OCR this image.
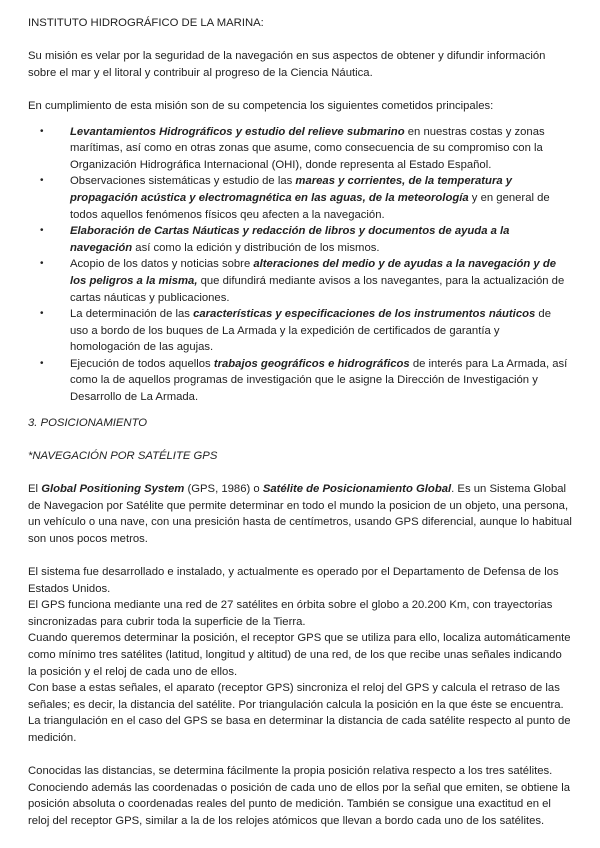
INSTITUTO HIDROGRÁFICO DE LA MARINA:

Su misión es velar por la seguridad de la navegación en sus aspectos de obtener y difundir información sobre el mar y el litoral y contribuir al progreso de la Ciencia Náutica.

En cumplimiento de esta misión son de su competencia los siguientes cometidos principales:

• Levantamientos Hidrográficos y estudio del relieve submarino en nuestras costas y zonas marítimas, así como en otras zonas que asume, como consecuencia de su compromiso con la Organización Hidrográfica Internacional (OHI), donde representa al Estado Español.
• Observaciones sistemáticas y estudio de las mareas y corrientes, de la temperatura y propagación acústica y electromagnética en las aguas, de la meteorología y en general de todos aquellos fenómenos físicos qeu afecten a la navegación.
• Elaboración de Cartas Náuticas y redacción de libros y documentos de ayuda a la navegación así como la edición y distribución de los mismos.
• Acopio de los datos y noticias sobre alteraciones del medio y de ayudas a la navegación y de los peligros a la misma, que difundirá mediante avisos a los navegantes, para la actualización de cartas náuticas y publicaciones.
• La determinación de las características y especificaciones de los instrumentos náuticos de uso a bordo de los buques de La Armada y la expedición de certificados de garantía y homologación de las agujas.
• Ejecución de todos aquellos trabajos geográficos e hidrográficos de interés para La Armada, así como la de aquellos programas de investigación que le asigne la Dirección de Investigación y Desarrollo de La Armada.

3. POSICIONAMIENTO

*NAVEGACIÓN POR SATÉLITE GPS

El Global Positioning System (GPS, 1986) o Satélite de Posicionamiento Global. Es un Sistema Global de Navegacion por Satélite que permite determinar en todo el mundo la posicion de un objeto, una persona, un vehículo o una nave, con una presición hasta de centímetros, usando GPS diferencial, aunque lo habitual son unos pocos metros.

El sistema fue desarrollado e instalado, y actualmente es operado por el Departamento de Defensa de los Estados Unidos.

El GPS funciona mediante una red de 27 satélites en órbita sobre el globo a 20.200 Km, con trayectorias sincronizadas para cubrir toda la superficie de la Tierra.

Cuando queremos determinar la posición, el receptor GPS que se utiliza para ello, localiza automáticamente como mínimo tres satélites (latitud, longitud y altitud) de una red, de los que recibe unas señales indicando la posición y el reloj de cada uno de ellos.

Con base a estas señales, el aparato (receptor GPS) sincroniza el reloj del GPS y calcula el retraso de las señales; es decir, la distancia del satélite. Por triangulación calcula la posición en la que éste se encuentra. La triangulación en el caso del GPS se basa en determinar la distancia de cada satélite respecto al punto de medición.

Conocidas las distancias, se determina fácilmente la propia posición relativa respecto a los tres satélites. Conociendo además las coordenadas o posición de cada uno de ellos por la señal que emiten, se obtiene la posición absoluta o coordenadas reales del punto de medición. También se consigue una exactitud en el reloj del receptor GPS, similar a la de los relojes atómicos que llevan a bordo cada uno de los satélites.
